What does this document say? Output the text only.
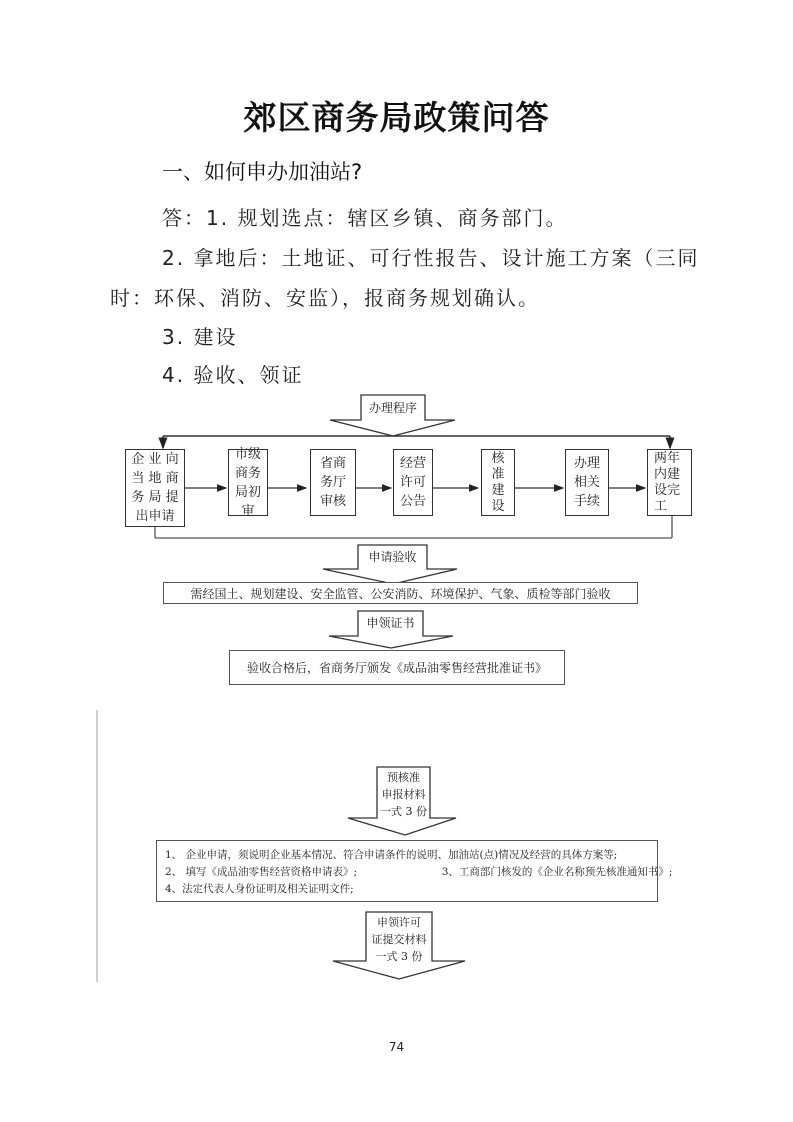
郊区商务局政策问答
一、如何申办加油站?
答：1. 规划选点：辖区乡镇、商务部门。
2. 拿地后：土地证、可行性报告、设计施工方案（三同
时：环保、消防、安监），报商务规划确认。
3. 建设
4. 验收、领证
办理程序
企 业 向
当 地 商
务 局 提
出申请
市级
商务
局初
审
省商
务厅
审核
经营
许可
公告
核
准
建
设
办理
相关
手续
两年
内建
设完
工
申请验收
需经国土、规划建设、安全监管、公安消防、环境保护、气象、质检等部门验收
申领证书
验收合格后，省商务厅颁发《成品油零售经营批准证书》
预核准
申报材料
一式 3 份
1、 企业申请，须说明企业基本情况、符合申请条件的说明、加油站(点)情况及经营的具体方案等;
2、 填写《成品油零售经营资格申请表》;	3、工商部门核发的《企业名称预先核准通知书》;
4、法定代表人身份证明及相关证明文件;
申领许可
证提交材料
一式 3 份
74
